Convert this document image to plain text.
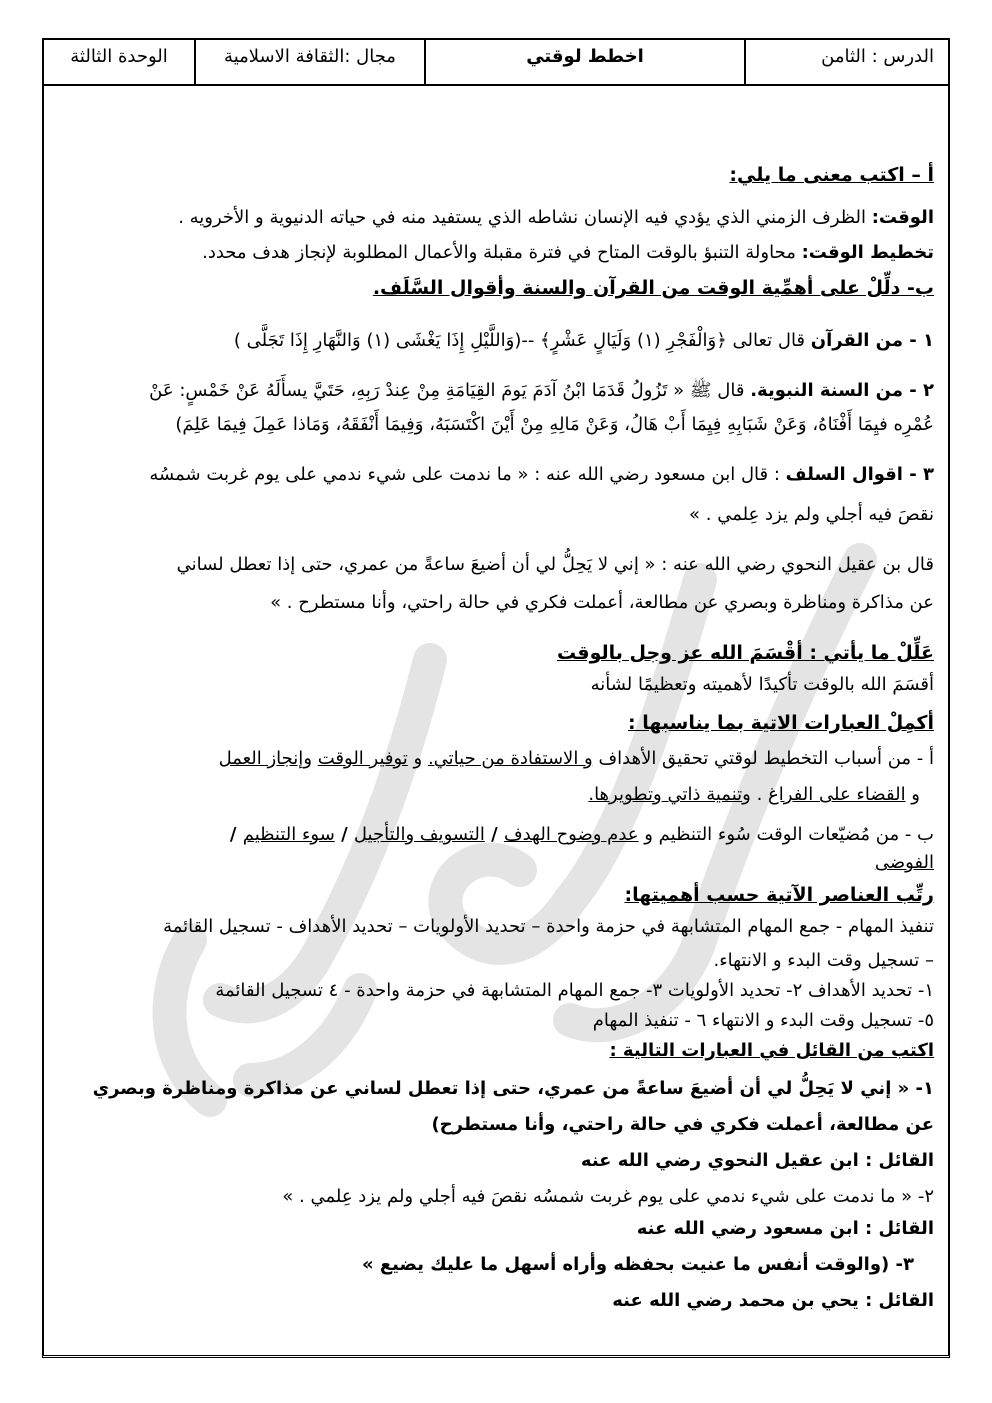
الدرس : الثامن
اخطط لوقتي
مجال :الثقافة الاسلامية
الوحدة الثالثة
أ – اكتب معنى ما يلي:
الوقت: الظرف الزمني الذي يؤدي فيه الإنسان نشاطه الذي يستفيد منه في حياته الدنيوية و الأخرويه .
تخطيط الوقت: محاولة التنبؤ بالوقت المتاح في فترة مقبلة والأعمال المطلوبة لإنجاز هدف محدد.
ب- دلِّلْ على أهمِّية الوقت من القرآن والسنة وأقوال السَّلَف.
١ - من القرآن قال تعالى ﴿وَالْفَجْرِ (١) وَلَيَالٍ عَشْرٍ﴾ --(وَاللَّيْلِ إِذَا يَغْشَى (١) وَالنَّهَارِ إِذَا تَجَلَّى )
٢ - من السنة النبوية. قال ﷺ « تَزُولُ قَدَمَا ابْنُ آدَمَ يَومَ القِيَامَةِ مِنْ عِندْ رَبِهِ، حَتَيَّ يسأَلَهُ عَنْ خَمْسٍ: عَنْ
عُمْرِه فيِمَا أَفْنَاهُ، وَعَنْ شَبَابِهِ فِيِمَا أَبْ هَالُ، وَعَنْ مَالِهِ مِنْ أَيْنَ اكْتَسَبَهُ، وَفِيمَا أَنْفَقَهُ، وَمَاذا عَمِلَ فِيمَا عَلِمَ)
٣ - اقوال السلف : قال ابن مسعود رضي الله عنه : « ما ندمت على شيء ندمي على يوم غربت شمسُه
نقصَ فيه أجلي ولم يزد عِلمي . »
قال بن عقيل النحوي رضي الله عنه : « إني لا يَحِلُّ لي أن أضيعَ ساعةً من عمري، حتى إذا تعطل لساني
عن مذاكرة ومناظرة وبصري عن مطالعة، أعملت فكري في حالة راحتي، وأنا مستطرح . »
عَلِّلْ ما يأتي : أقْسَمَ الله عز وجل بالوقت
أقسَمَ الله بالوقت تأكيدًا لأهميته وتعظيمًا لشأنه
أكمِلْ العبارات الاتية بما يناسبها :
أ - من أسباب التخطيط لوقتي تحقيق الأهداف و الاستفادة من حياتي. و توفير الوقت وإنجاز العمل
و القضاء على الفراغ . وتنمية ذاتي وتطويرها.
ب - من مُضيّعات الوقت سُوء التنظيم و عدم وضوح الهدف / التسويف والتأجيل / سوء التنظيم /
الفوضى
رتِّب العناصر الآتية حسب أهميتها:
تنفيذ المهام - جمع المهام المتشابهة في حزمة واحدة – تحديد الأولويات – تحديد الأهداف - تسجيل القائمة
– تسجيل وقت البدء و الانتهاء.
١- تحديد الأهداف ٢- تحديد الأولويات ٣- جمع المهام المتشابهة في حزمة واحدة - ٤ تسجيل القائمة
٥- تسجيل وقت البدء و الانتهاء ٦ - تنفيذ المهام
اكتب من القائل في العبارات التالية :
١- « إني لا يَحِلُّ لي أن أضيعَ ساعةً من عمري، حتى إذا تعطل لساني عن مذاكرة ومناظرة وبصري
عن مطالعة، أعملت فكري في حالة راحتي، وأنا مستطرح)
القائل : ابن عقيل النحوي رضي الله عنه
٢- « ما ندمت على شيء ندمي على يوم غربت شمسُه نقصَ فيه أجلي ولم يزد عِلمي . »
القائل : ابن مسعود رضي الله عنه
٣- (والوقت أنفس ما عنيت بحفظه وأراه أسهل ما عليك يضيع »
القائل : يحي بن محمد رضي الله عنه
